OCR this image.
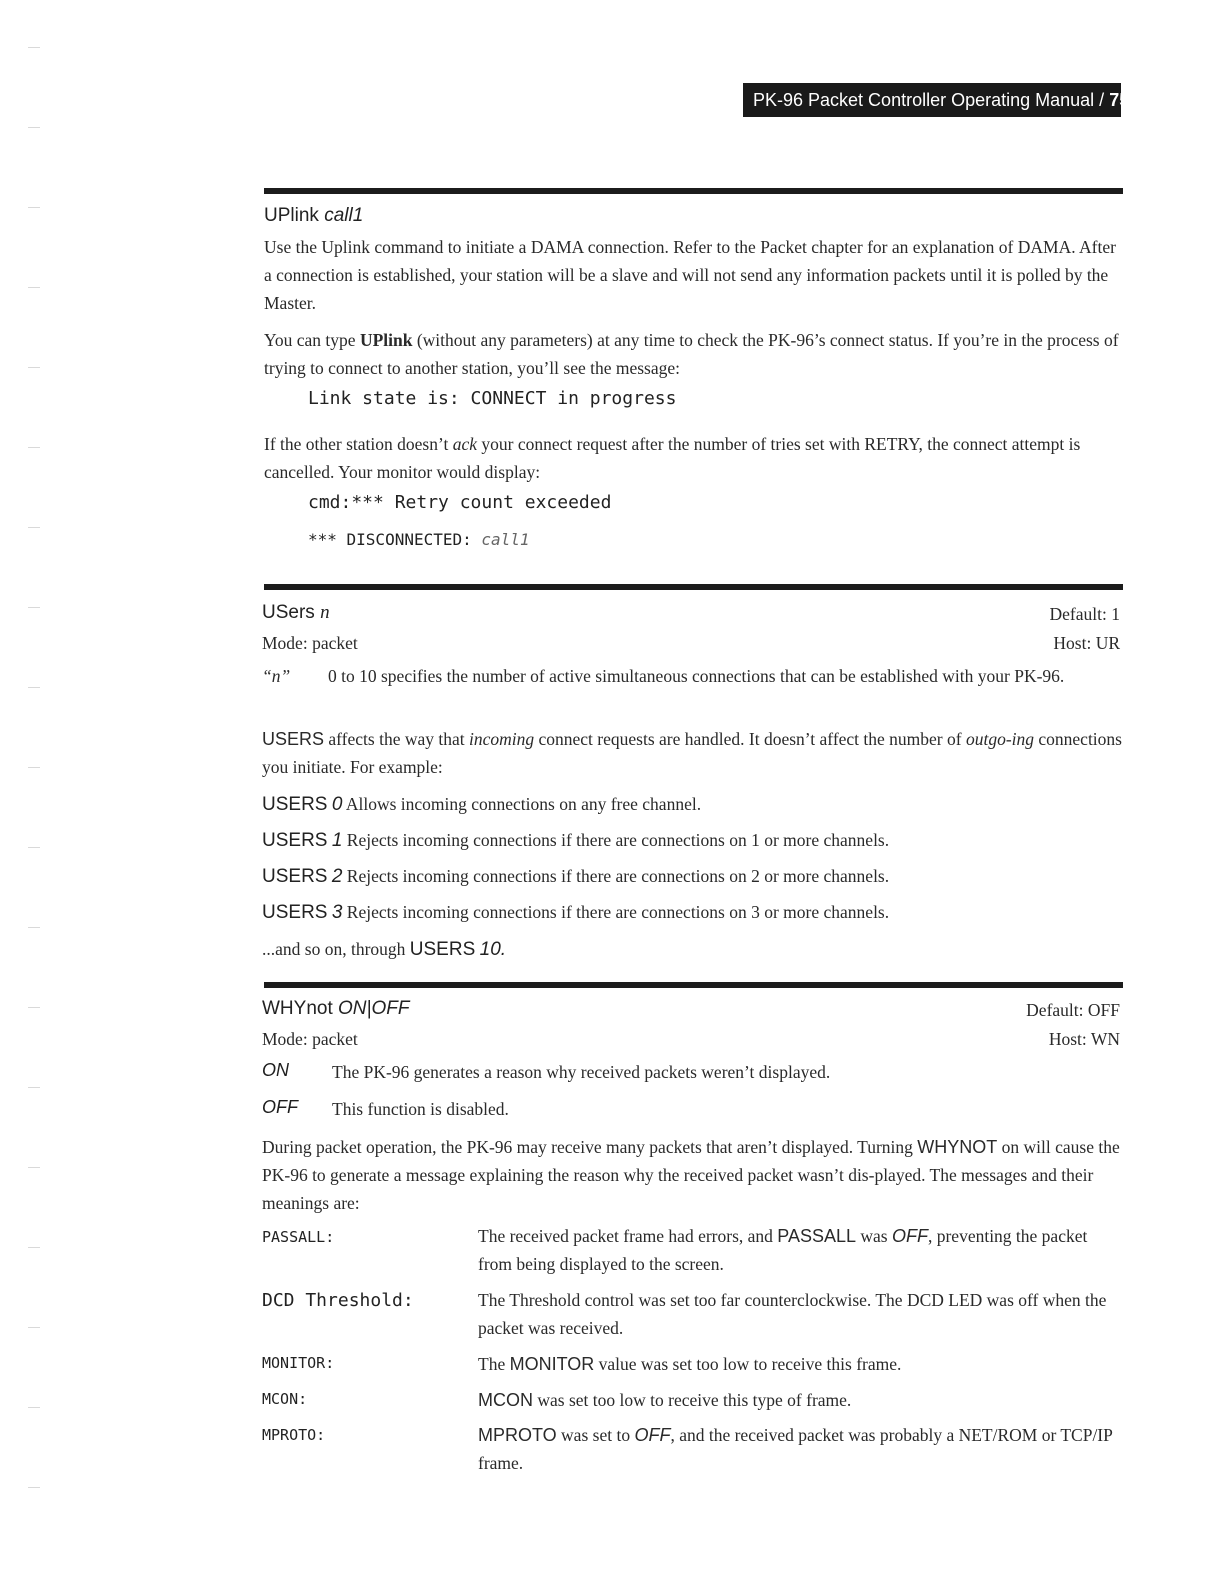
PK-96 Packet Controller Operating Manual / 75
UPlink call1
Use the Uplink command to initiate a DAMA connection. Refer to the Packet chapter for an explanation of DAMA. After a connection is established, your station will be a slave and will not send any information packets until it is polled by the Master.
You can type UPlink (without any parameters) at any time to check the PK-96’s connect status. If you’re in the process of trying to connect to another station, you’ll see the message:
Link state is: CONNECT in progress
If the other station doesn’t ack your connect request after the number of tries set with RETRY, the connect attempt is cancelled. Your monitor would display:
cmd:*** Retry count exceeded
*** DISCONNECTED: call1
USers n	Default: 1
Mode: packet	Host: UR
“n” 0 to 10 specifies the number of active simultaneous connections that can be established with your PK-96.
USERS affects the way that incoming connect requests are handled. It doesn’t affect the number of outgo-ing connections you initiate. For example:
USERS 0 Allows incoming connections on any free channel.
USERS 1 Rejects incoming connections if there are connections on 1 or more channels.
USERS 2 Rejects incoming connections if there are connections on 2 or more channels.
USERS 3 Rejects incoming connections if there are connections on 3 or more channels.
...and so on, through USERS 10.
WHYnot ON|OFF	Default: OFF
Mode: packet	Host: WN
ON The PK-96 generates a reason why received packets weren’t displayed.
OFF This function is disabled.
During packet operation, the PK-96 may receive many packets that aren’t displayed. Turning WHYNOT on will cause the PK-96 to generate a message explaining the reason why the received packet wasn’t dis-played. The messages and their meanings are:
PASSALL:	The received packet frame had errors, and PASSALL was OFF, preventing the packet from being displayed to the screen.
DCD Threshold:	The Threshold control was set too far counterclockwise. The DCD LED was off when the packet was received.
MONITOR:	The MONITOR value was set too low to receive this frame.
MCON:	MCON was set too low to receive this type of frame.
MPROTO:	MPROTO was set to OFF, and the received packet was probably a NET/ROM or TCP/IP frame.
